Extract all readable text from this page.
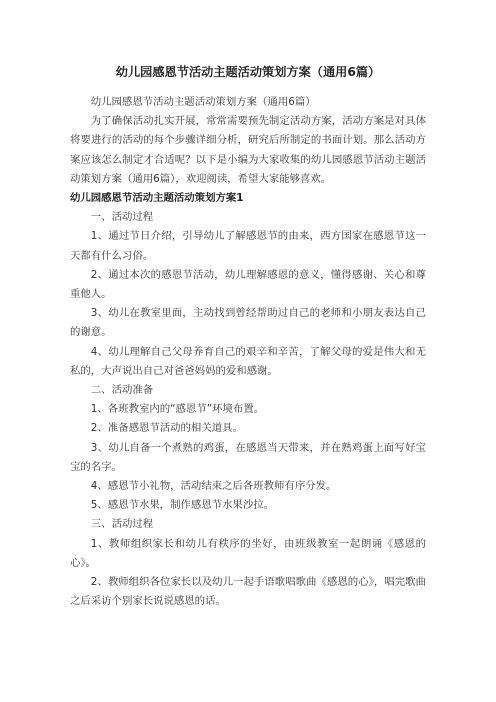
幼儿园感恩节活动主题活动策划方案（通用6篇）

幼儿园感恩节活动主题活动策划方案（通用6篇）

为了确保活动扎实开展，常常需要预先制定活动方案，活动方案是对具体将要进行的活动的每个步骤详细分析，研究后所制定的书面计划。那么活动方案应该怎么制定才合适呢？以下是小编为大家收集的幼儿园感恩节活动主题活动策划方案（通用6篇），欢迎阅读，希望大家能够喜欢。

幼儿园感恩节活动主题活动策划方案1

一、活动过程

1、通过节日介绍，引导幼儿了解感恩节的由来，西方国家在感恩节这一天都有什么习俗。

2、通过本次的感恩节活动，幼儿理解感恩的意义，懂得感谢、关心和尊重他人。

3、幼儿在教室里面，主动找到曾经帮助过自己的老师和小朋友表达自己的谢意。

4、幼儿理解自己父母养育自己的艰辛和辛苦，了解父母的爱是伟大和无私的，大声说出自己对爸爸妈妈的爱和感谢。

二、活动准备

1、各班教室内的“感恩节”环境布置。

2、准备感恩节活动的相关道具。

3、幼儿自备一个煮熟的鸡蛋，在感恩当天带来，并在熟鸡蛋上面写好宝宝的名字。

4、感恩节小礼物，活动结束之后各班教师有序分发。

5、感恩节水果，制作感恩节水果沙拉。

三、活动过程

1、教师组织家长和幼儿有秩序的坐好，由班级教室一起朗诵《感恩的心》。

2、教师组织各位家长以及幼儿一起手语歌唱歌曲《感恩的心》，唱完歌曲之后采访个别家长说说感恩的话。
